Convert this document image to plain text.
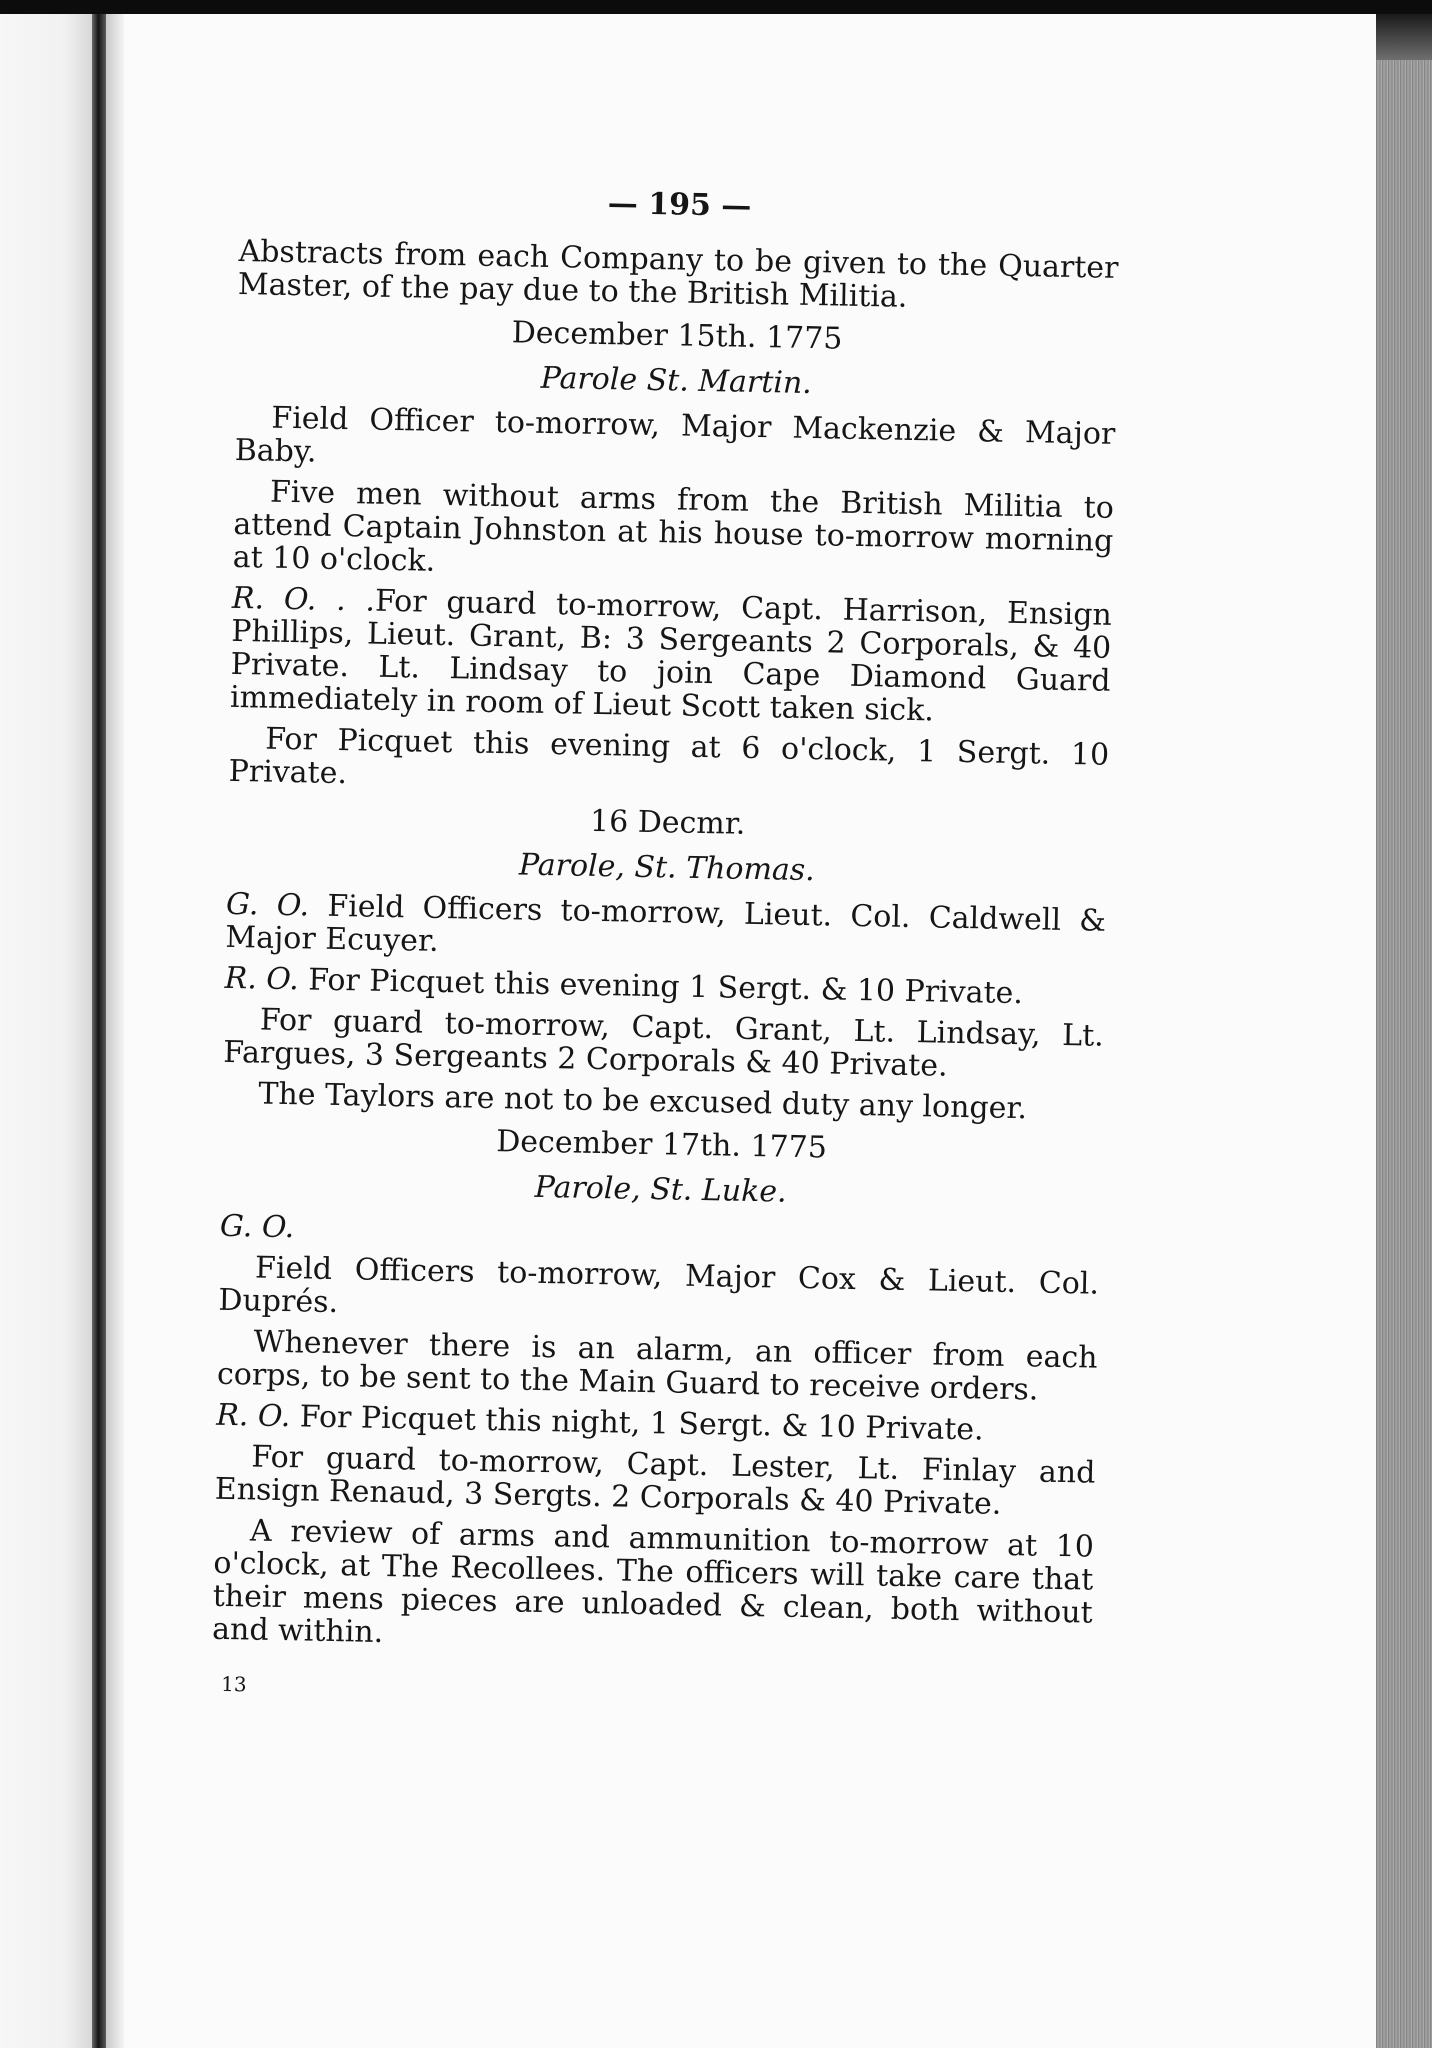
— 195 —

Abstracts from each Company to be given to the Quarter Master, of the pay due to the British Militia.

December 15th. 1775

Parole St. Martin.

Field Officer to-morrow, Major Mackenzie & Major Baby.

Five men without arms from the British Militia to attend Captain Johnston at his house to-morrow morning at 10 o'clock.

R. O. . .For guard to-morrow, Capt. Harrison, Ensign Phillips, Lieut. Grant, B: 3 Sergeants 2 Corporals, & 40 Private. Lt. Lindsay to join Cape Diamond Guard immediately in room of Lieut Scott taken sick.

For Picquet this evening at 6 o'clock, 1 Sergt. 10 Private.

16 Decmr.

Parole, St. Thomas.

G. O. Field Officers to-morrow, Lieut. Col. Caldwell & Major Ecuyer.

R. O. For Picquet this evening 1 Sergt. & 10 Private.

For guard to-morrow, Capt. Grant, Lt. Lindsay, Lt. Fargues, 3 Sergeants 2 Corporals & 40 Private.

The Taylors are not to be excused duty any longer.

December 17th. 1775

Parole, St. Luke.

G. O.

Field Officers to-morrow, Major Cox & Lieut. Col. Duprés.

Whenever there is an alarm, an officer from each corps, to be sent to the Main Guard to receive orders.

R. O. For Picquet this night, 1 Sergt. & 10 Private.

For guard to-morrow, Capt. Lester, Lt. Finlay and Ensign Renaud, 3 Sergts. 2 Corporals & 40 Private.

A review of arms and ammunition to-morrow at 10 o'clock, at The Recollees. The officers will take care that their mens pieces are unloaded & clean, both without and within.

13
